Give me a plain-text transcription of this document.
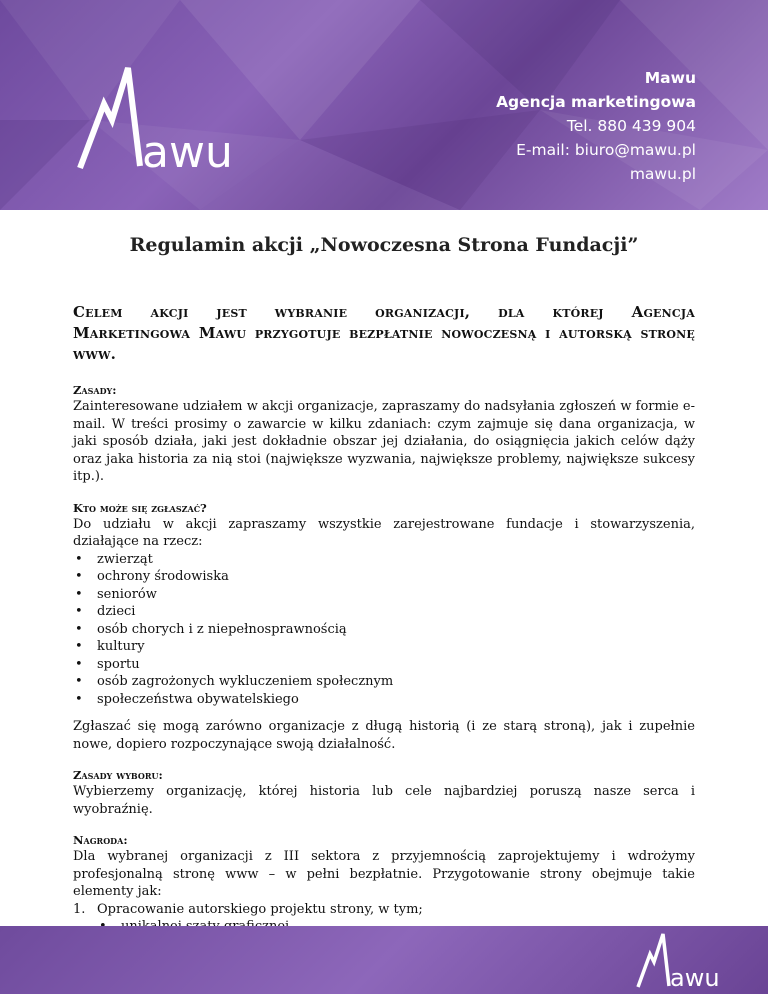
awu
Mawu
Agencja marketingowa
Tel. 880 439 904
E-mail: biuro@mawu.pl
mawu.pl
Regulamin akcji „Nowoczesna Strona Fundacji”
Celem akcji jest wybranie organizacji, dla której Agencja
Marketingowa Mawu przygotuje bezpłatnie nowoczesną i autorską stronę www.

Zasady:

Zainteresowane udziałem w akcji organizacje, zapraszamy do nadsyłania zgłoszeń w formie e-mail. W treści prosimy o zawarcie w kilku zdaniach: czym zajmuje się dana organizacja, w jaki sposób działa, jaki jest dokładnie obszar jej działania, do osiągnięcia jakich celów dąży oraz jaka historia za nią stoi (największe wyzwania, największe problemy, największe sukcesy itp.).

Kto może się zgłaszać?

Do udziału w akcji zapraszamy wszystkie zarejestrowane fundacje i stowarzyszenia, działające na rzecz:

• zwierząt
• ochrony środowiska
• seniorów
• dzieci
• osób chorych i z niepełnosprawnością
• kultury
• sportu
• osób zagrożonych wykluczeniem społecznym
• społeczeństwa obywatelskiego

Zgłaszać się mogą zarówno organizacje z długą historią (i ze starą stroną), jak i zupełnie nowe, dopiero rozpoczynające swoją działalność.

Zasady wyboru:

Wybierzemy organizację, której historia lub cele najbardziej poruszą nasze serca i wyobraźnię.

Nagroda:

Dla wybranej organizacji z III sektora z przyjemnością zaprojektujemy i wdrożymy profesjonalną stronę www – w pełni bezpłatnie. Przygotowanie strony obejmuje takie elementy jak:

1. Opracowanie autorskiego projektu strony, w tym;
•
•
awu
